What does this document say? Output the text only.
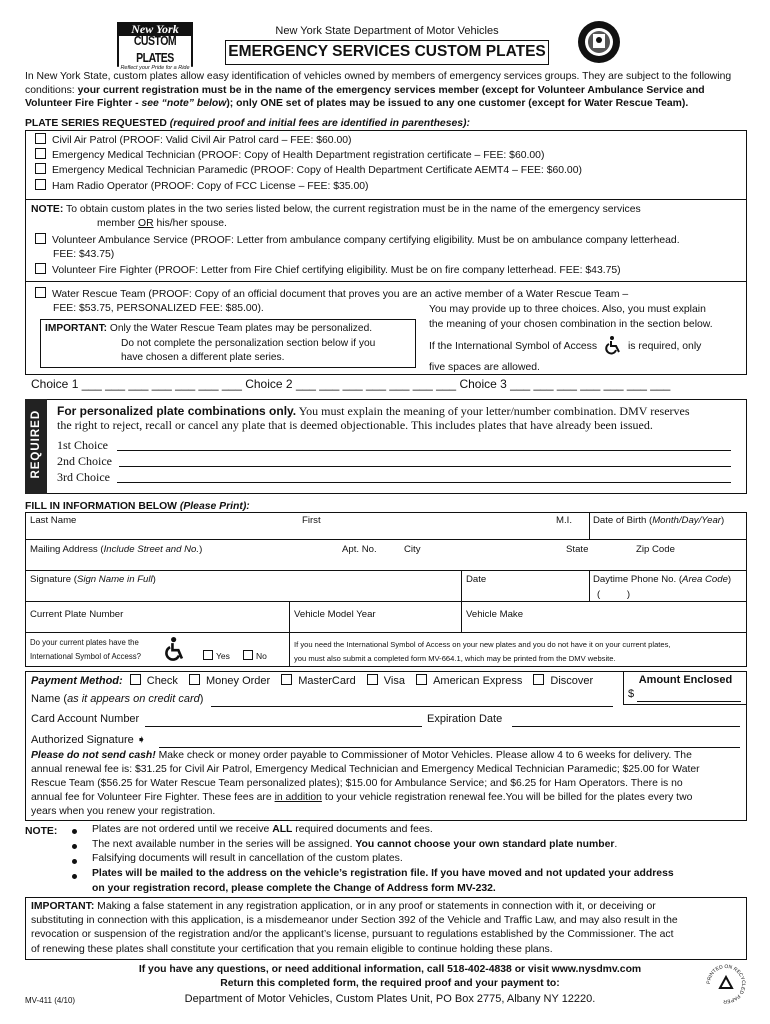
New York
CUSTOM PLATES
Reflect your Pride for a Ride
New York State Department of Motor Vehicles
EMERGENCY SERVICES CUSTOM PLATES
In New York State, custom plates allow easy identification of vehicles owned by members of emergency services groups. They are subject to the following conditions: your current registration must be in the name of the emergency services member (except for Volunteer Ambulance Service and Volunteer Fire Fighter - see “note” below); only ONE set of plates may be issued to any one customer (except for Water Rescue Team).
PLATE SERIES REQUESTED (required proof and initial fees are identified in parentheses):
Civil Air Patrol (PROOF: Valid Civil Air Patrol card – FEE: $60.00)
Emergency Medical Technician (PROOF: Copy of Health Department registration certificate – FEE: $60.00)
Emergency Medical Technician Paramedic (PROOF: Copy of Health Department Certificate AEMT4 – FEE: $60.00)
Ham Radio Operator (PROOF: Copy of FCC License – FEE: $35.00)
NOTE: To obtain custom plates in the two series listed below, the current registration must be in the name of the emergency services
member OR his/her spouse.
Volunteer Ambulance Service (PROOF: Letter from ambulance company certifying eligibility. Must be on ambulance company letterhead.
FEE: $43.75)
Volunteer Fire Fighter (PROOF: Letter from Fire Chief certifying eligibility. Must be on fire company letterhead. FEE: $43.75)
Water Rescue Team (PROOF: Copy of an official document that proves you are an active member of a Water Rescue Team –
FEE: $53.75, PERSONALIZED FEE: $85.00).
IMPORTANT: Only the Water Rescue Team plates may be personalized.
Do not complete the personalization section below if you
have chosen a different plate series.
You may provide up to three choices. Also, you must explain
the meaning of your chosen combination in the section below.
If the International Symbol of Access	is required, only
five spaces are allowed.
Choice 1 ___ ___ ___ ___ ___ ___ ___ Choice 2 ___ ___ ___ ___ ___ ___ ___ Choice 3 ___ ___ ___ ___ ___ ___ ___
REQUIRED For personalized plate combinations only. You must explain the meaning of your letter/number combination. DMV reserves
the right to reject, recall or cancel any plate that is deemed objectionable. This includes plates that have already been issued.
1st Choice
2nd Choice
3rd Choice
FILL IN INFORMATION BELOW (Please Print):
Last Name	First	M.I. Date of Birth (Month/Day/Year)
Mailing Address (Include Street and No.)	Apt. No.	City	State	Zip Code
Signature (Sign Name in Full)	Date	Daytime Phone No. (Area Code)
(          )
Current Plate Number	Vehicle Model Year	Vehicle Make
Do your current plates have the
International Symbol of Access?	Yes	No
If you need the International Symbol of Access on your new plates and you do not have it on your current plates,
you must also submit a completed form MV-664.1, which may be printed from the DMV website.
Payment Method: Check	Money Order	MasterCard	Visa	American Express	Discover	Amount Enclosed
$
Name (as it appears on credit card)
Card Account Number	Expiration Date
Authorized Signature ➧
Please do not send cash! Make check or money order payable to Commissioner of Motor Vehicles. Please allow 4 to 6 weeks for delivery. The
annual renewal fee is: $31.25 for Civil Air Patrol, Emergency Medical Technician and Emergency Medical Technician Paramedic; $25.00 for Water
Rescue Team ($56.25 for Water Rescue Team personalized plates); $15.00 for Ambulance Service; and $6.25 for Ham Operators. There is no
annual fee for Volunteer Fire Fighter. These fees are in addition to your vehicle registration renewal fee.You will be billed for the plates every two
years when you renew your registration.
NOTE:	Plates are not ordered until we receive ALL required documents and fees.
The next available number in the series will be assigned. You cannot choose your own standard plate number.
Falsifying documents will result in cancellation of the custom plates.
Plates will be mailed to the address on the vehicle’s registration file. If you have moved and not updated your address
on your registration record, please complete the Change of Address form MV-232.
IMPORTANT: Making a false statement in any registration application, or in any proof or statements in connection with it, or deceiving or
substituting in connection with this application, is a misdemeanor under Section 392 of the Vehicle and Traffic Law, and may also result in the
revocation or suspension of the registration and/or the applicant’s license, pursuant to regulations established by the Commissioner. The act
of renewing these plates shall constitute your certification that you remain eligible to continue holding these plans.
If you have any questions, or need additional information, call 518-402-4838 or visit www.nysdmv.com
Return this completed form, the required proof and your payment to:
Department of Motor Vehicles, Custom Plates Unit, PO Box 2775, Albany NY 12220.
MV-411 (4/10)
PRINTED ON RECYCLED PAPER
